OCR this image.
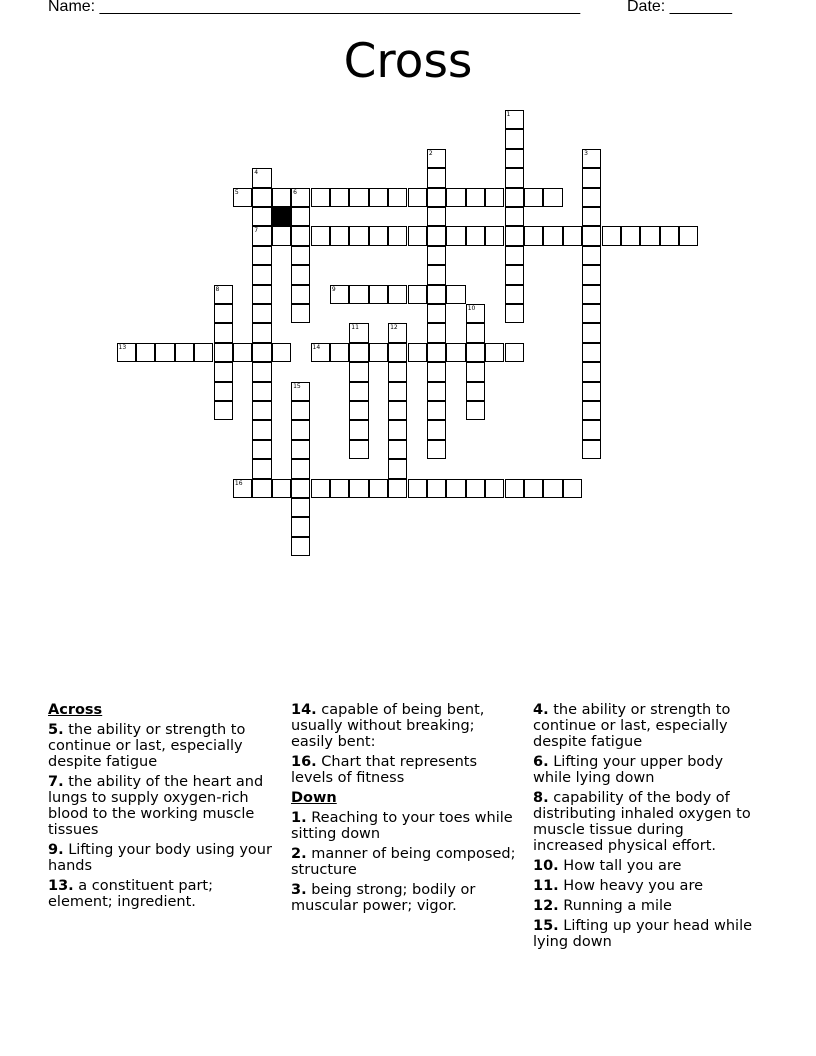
Name: ______________________________________________________	Date: _______
Cross
1
2	3
4
7
5	6
8	9
10
11	12
13	14
15
16
Across
5. the ability or strength to continue or last, especially despite fatigue
7. the ability of the heart and lungs to supply oxygen-rich blood to the working muscle tissues
9. Lifting your body using your hands
13. a constituent part; element; ingredient.
14. capable of being bent, usually without breaking; easily bent:
16. Chart that represents levels of fitness
Down
1. Reaching to your toes while sitting down
2. manner of being composed; structure
3. being strong; bodily or muscular power; vigor.
4. the ability or strength to continue or last, especially despite fatigue
6. Lifting your upper body while lying down
8. capability of the body of distributing inhaled oxygen to muscle tissue during increased physical effort.
10. How tall you are
11. How heavy you are
12. Running a mile
15. Lifting up your head while lying down
